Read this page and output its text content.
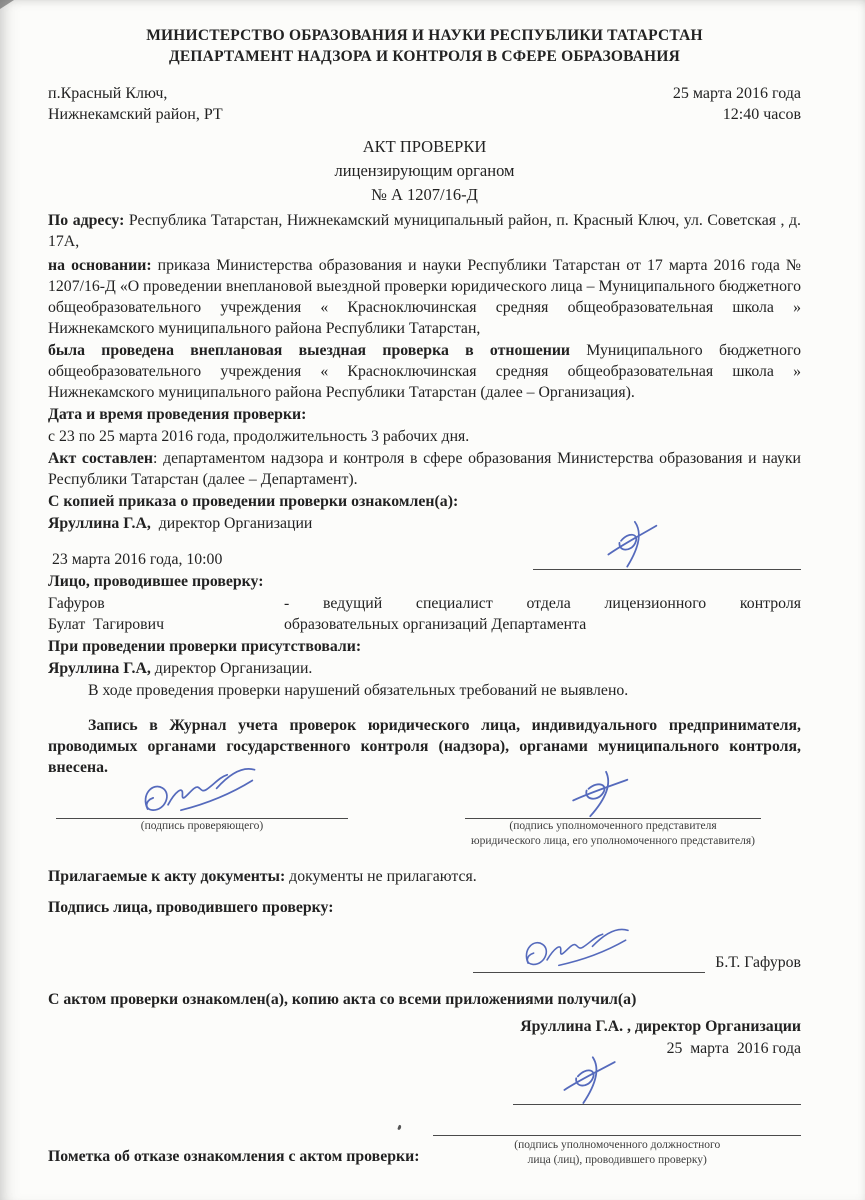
МИНИСТЕРСТВО ОБРАЗОВАНИЯ И НАУКИ РЕСПУБЛИКИ ТАТАРСТАН
ДЕПАРТАМЕНТ НАДЗОРА И КОНТРОЛЯ В СФЕРЕ ОБРАЗОВАНИЯ
п.Красный Ключ,
Нижнекамский район, РТ
25 марта 2016 года
12:40 часов
АКТ ПРОВЕРКИ
лицензирующим органом
№ А 1207/16-Д

По адресу: Республика Татарстан, Нижнекамский муниципальный район, п. Красный Ключ, ул. Советская , д. 17А,

на основании: приказа Министерства образования и науки Республики Татарстан от 17 марта 2016 года № 1207/16-Д «О проведении внеплановой выездной проверки юридического лица – Муниципального бюджетного общеобразовательного учреждения « Красноключинская средняя общеобразовательная школа » Нижнекамского муниципального района Республики Татарстан,

была проведена внеплановая выездная проверка в отношении Муниципального бюджетного общеобразовательного учреждения « Красноключинская средняя общеобразовательная школа » Нижнекамского муниципального района Республики Татарстан (далее – Организация).

Дата и время проведения проверки:

с 23 по 25 марта 2016 года, продолжительность 3 рабочих дня.

Акт составлен: департаментом надзора и контроля в сфере образования Министерства образования и науки Республики Татарстан (далее – Департамент).

С копией приказа о проведении проверки ознакомлен(а):

Яруллина Г.А,  директор Организации

23 марта 2016 года, 10:00

Лицо, проводившее проверку:

Гафуров	- ведущий специалист отдела лицензионного контроля
Булат  Тагирович	образовательных организаций Департамента

При проведении проверки присутствовали:

Яруллина Г.А, директор Организации.

В ходе проведения проверки нарушений обязательных требований не выявлено.

Запись в Журнал учета проверок юридического лица, индивидуального предпринимателя, проводимых органами государственного контроля (надзора), органами муниципального контроля, внесена.

(подпись проверяющего)	(подпись уполномоченного представителя
юридического лица, его уполномоченного представителя)

Прилагаемые к акту документы: документы не прилагаются.

Подпись лица, проводившего проверку:

Б.Т. Гафуров

С актом проверки ознакомлен(а), копию акта со всеми приложениями получил(а)

Яруллина Г.А. , директор Организации
25  марта  2016 года
Пометка об отказе ознакомления с актом проверки:
(подпись уполномоченного должностного
лица (лиц), проводившего проверку)
